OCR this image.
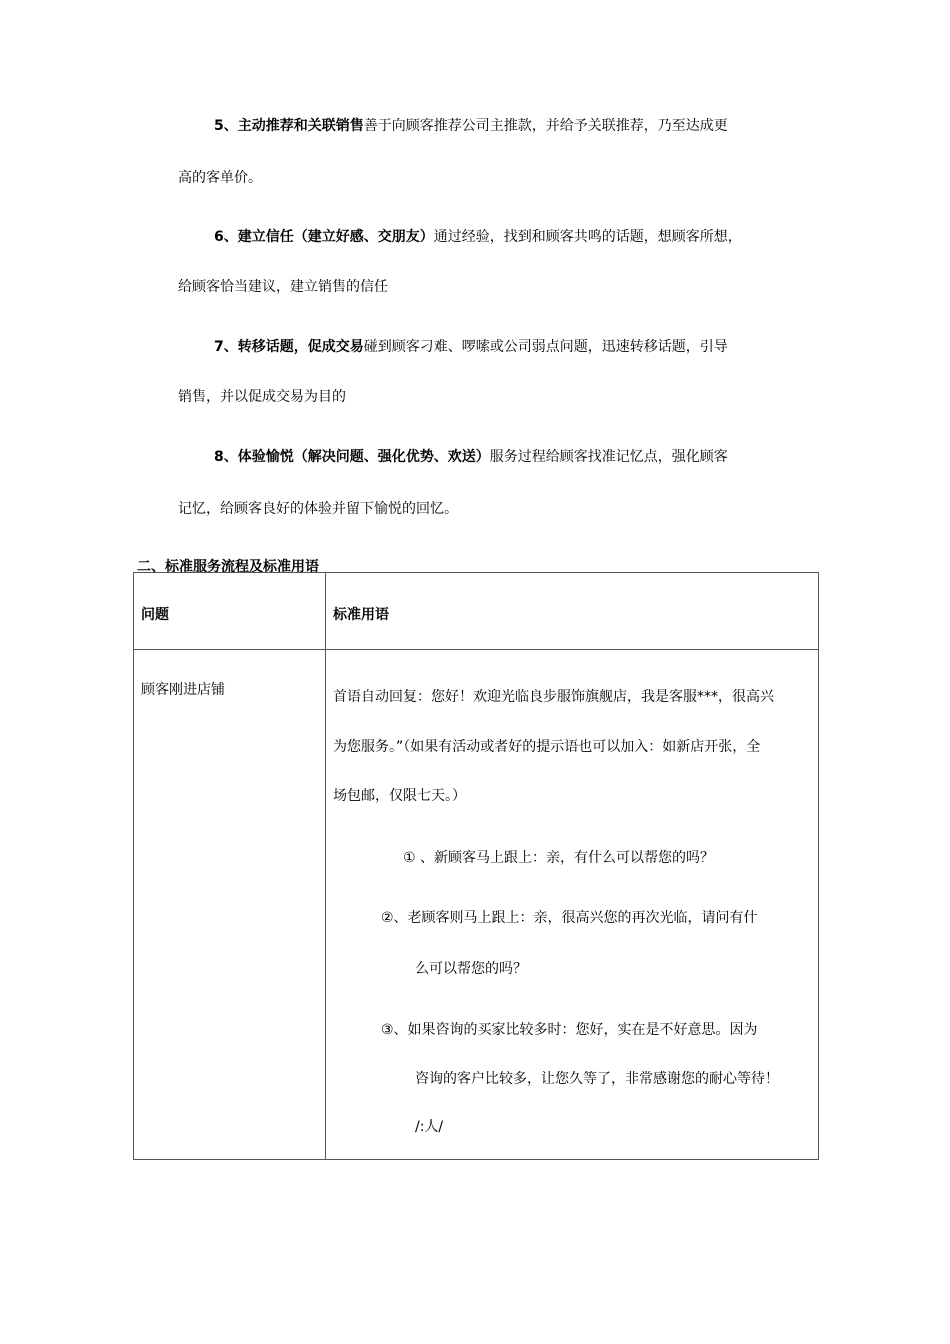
5、主动推荐和关联销售善于向顾客推荐公司主推款，并给予关联推荐，乃至达成更
高的客单价。
6、建立信任（建立好感、交朋友）通过经验，找到和顾客共鸣的话题，想顾客所想，
给顾客恰当建议，建立销售的信任
7、转移话题，促成交易碰到顾客刁难、啰嗦或公司弱点问题，迅速转移话题，引导
销售，并以促成交易为目的
8、体验愉悦（解决问题、强化优势、欢送）服务过程给顾客找准记忆点，强化顾客
记忆，给顾客良好的体验并留下愉悦的回忆。
二、标准服务流程及标准用语
问题	标准用语
顾客刚进店铺	首语自动回复：您好！欢迎光临良步服饰旗舰店，我是客服***，很高兴
为您服务。”（如果有活动或者好的提示语也可以加入：如新店开张，全
场包邮，仅限七天。）
① 、新顾客马上跟上：亲，有什么可以帮您的吗？
②、老顾客则马上跟上：亲，很高兴您的再次光临，请问有什
么可以帮您的吗？
③、如果咨询的买家比较多时：您好，实在是不好意思。因为
咨询的客户比较多，让您久等了，非常感谢您的耐心等待！
/:人/
